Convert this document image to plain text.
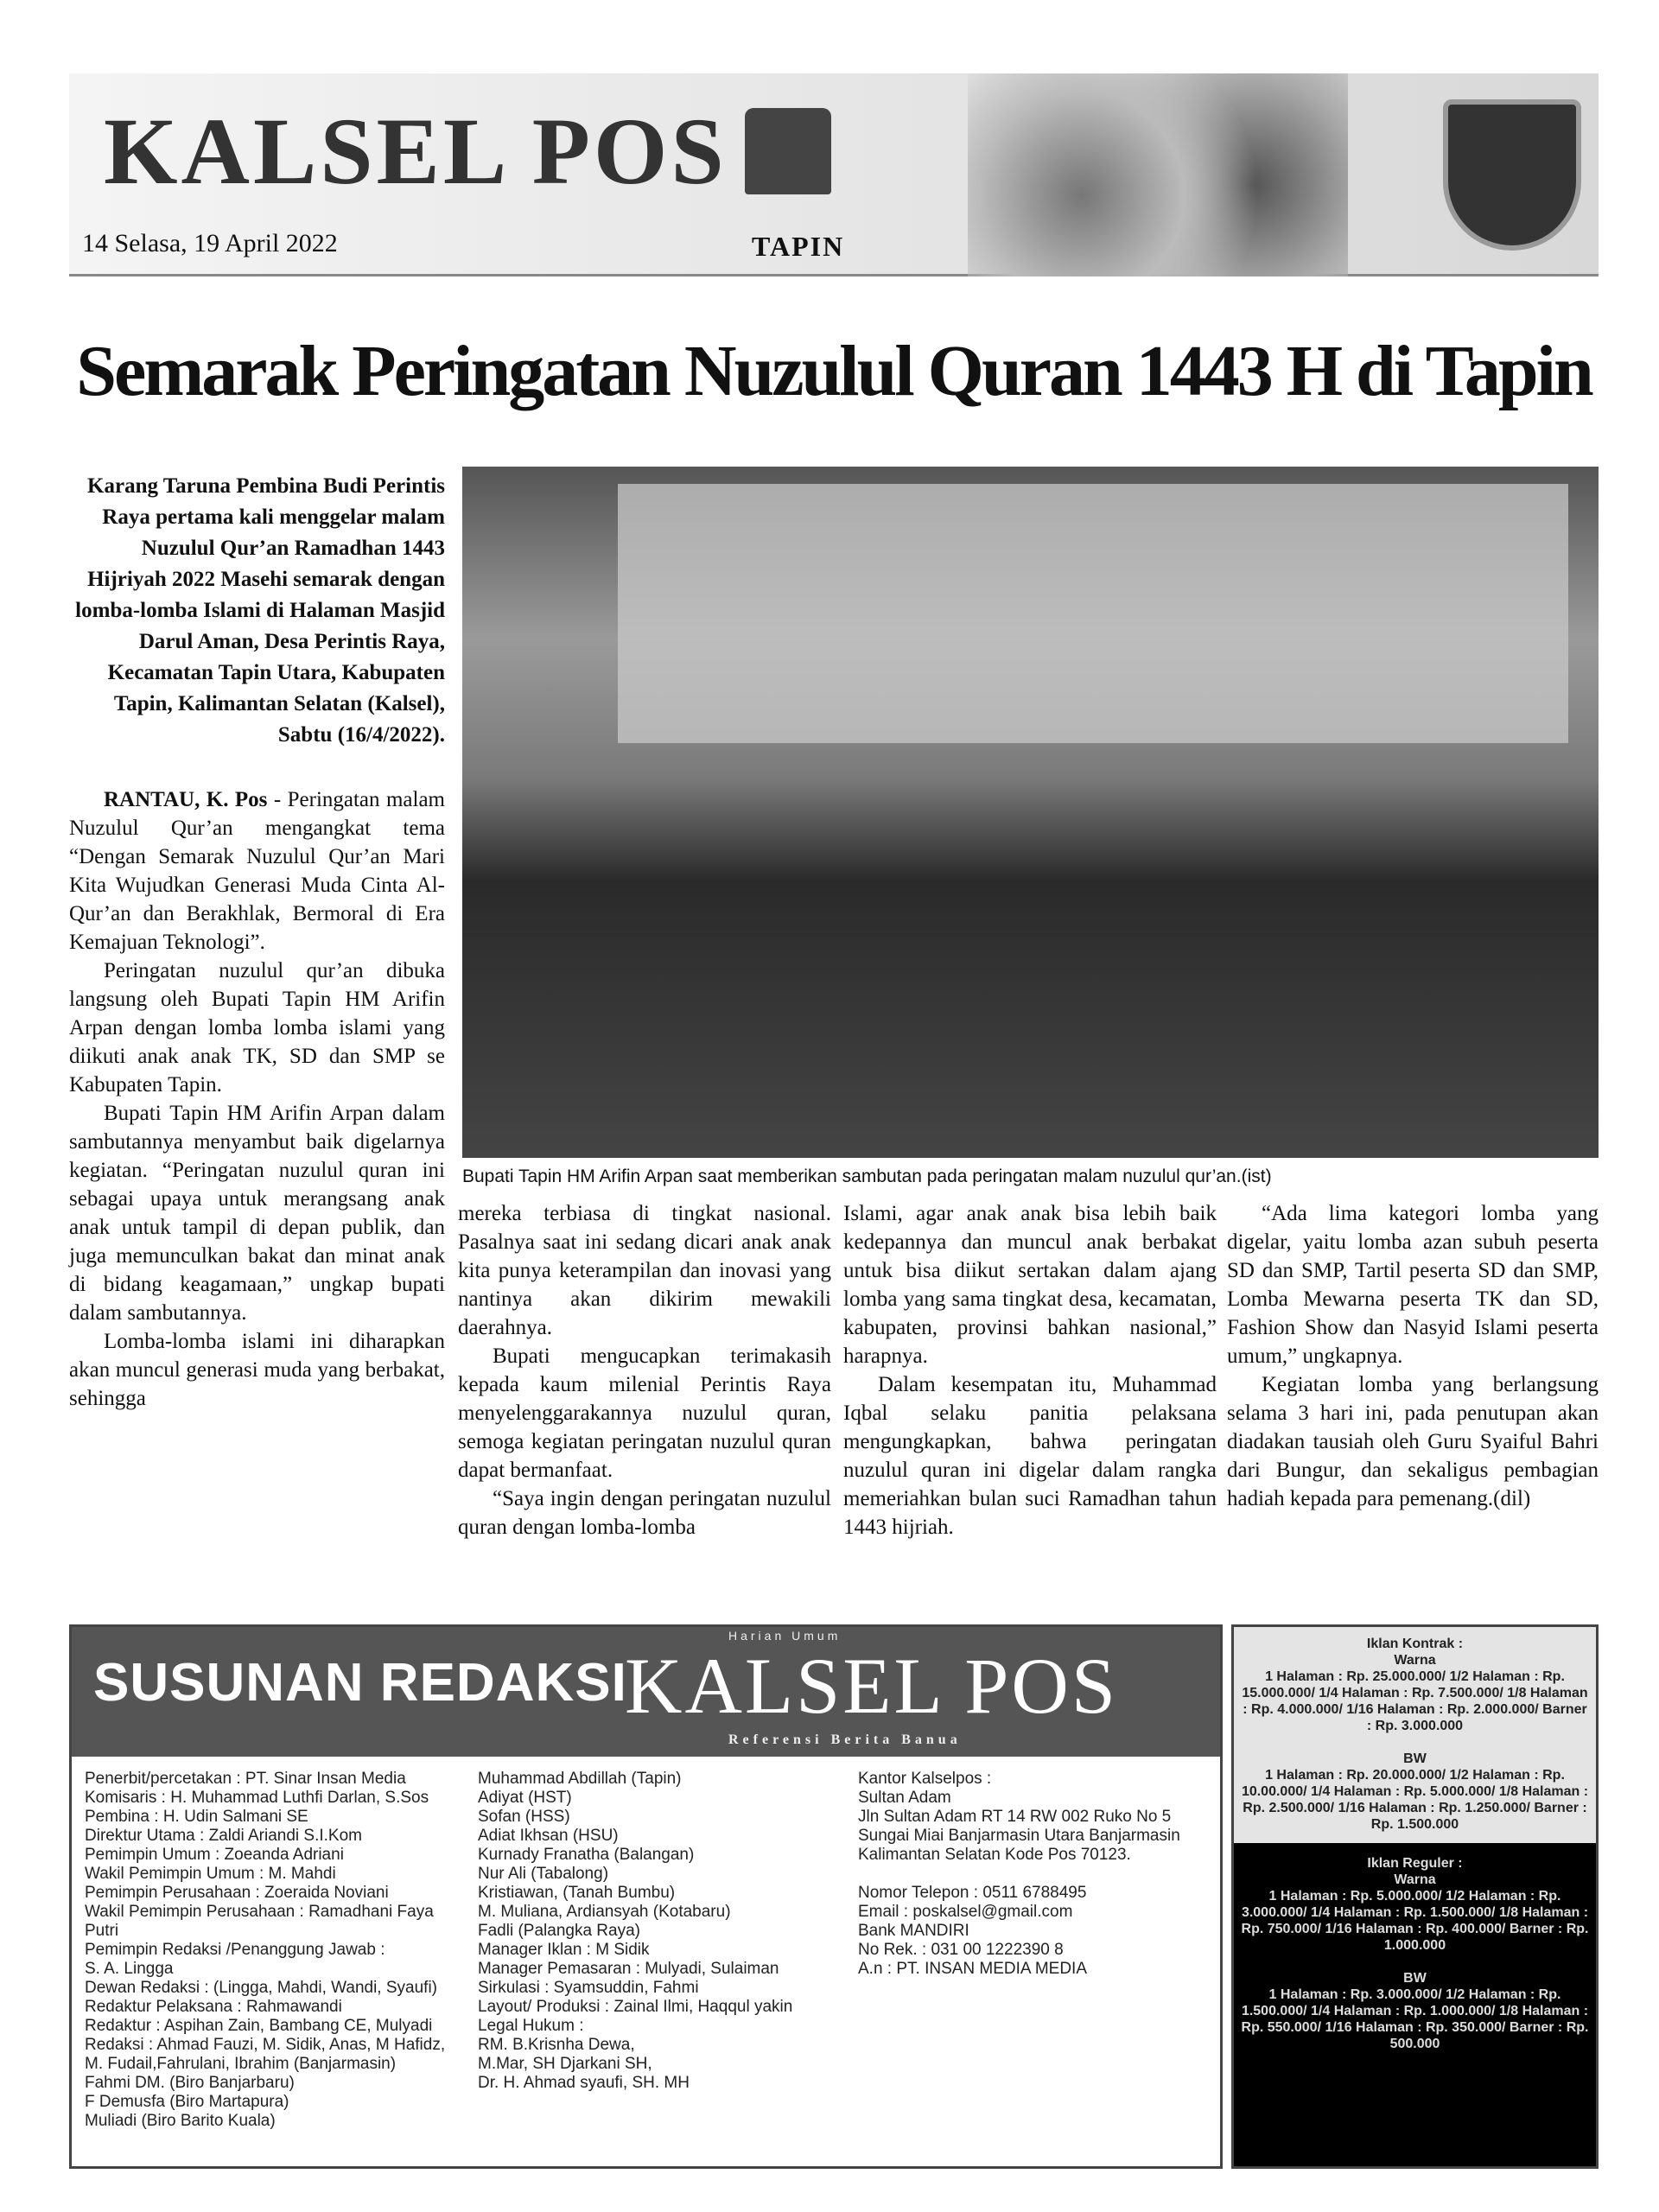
KALSEL POS
14 Selasa, 19 April 2022	TAPIN
Semarak Peringatan Nuzulul Quran 1443 H di Tapin
Karang Taruna Pembina Budi Perintis Raya pertama kali menggelar malam Nuzulul Qur’an Ramadhan 1443 Hijriyah 2022 Masehi semarak dengan lomba-lomba Islami di Halaman Masjid Darul Aman, Desa Perintis Raya, Kecamatan Tapin Utara, Kabupaten Tapin, Kalimantan Selatan (Kalsel), Sabtu (16/4/2022).

RANTAU, K. Pos - Peringatan malam Nuzulul Qur’an mengangkat tema “Dengan Semarak Nuzulul Qur’an Mari Kita Wujudkan Generasi Muda Cinta Al-Qur’an dan Berakhlak, Bermoral di Era Kemajuan Teknologi”.

Peringatan nuzulul qur’an dibuka langsung oleh Bupati Tapin HM Arifin Arpan dengan lomba lomba islami yang diikuti anak anak TK, SD dan SMP se Kabupaten Tapin.

Bupati Tapin HM Arifin Arpan dalam sambutannya menyambut baik digelarnya kegiatan. “Peringatan nuzulul quran ini sebagai upaya untuk merangsang anak anak untuk tampil di depan publik, dan juga memunculkan bakat dan minat anak di bidang keagamaan,” ungkap bupati dalam sambutannya.

Lomba-lomba islami ini diharapkan akan muncul generasi muda yang berbakat, sehingga

Bupati Tapin HM Arifin Arpan saat memberikan sambutan pada peringatan malam nuzulul qur’an.(ist)

mereka terbiasa di tingkat nasional. Pasalnya saat ini sedang dicari anak anak kita punya keterampilan dan inovasi yang nantinya akan dikirim mewakili daerahnya.

Bupati mengucapkan terimakasih kepada kaum milenial Perintis Raya menyelenggarakannya nuzulul quran, semoga kegiatan peringatan nuzulul quran dapat bermanfaat.

“Saya ingin dengan peringatan nuzulul quran dengan lomba-lomba

Islami, agar anak anak bisa lebih baik kedepannya dan muncul anak berbakat untuk bisa diikut sertakan dalam ajang lomba yang sama tingkat desa, kecamatan, kabupaten, provinsi bahkan nasional,” harapnya.

Dalam kesempatan itu, Muhammad Iqbal selaku panitia pelaksana mengungkapkan, bahwa peringatan nuzulul quran ini digelar dalam rangka memeriahkan bulan suci Ramadhan tahun 1443 hijriah.

“Ada lima kategori lomba yang digelar, yaitu lomba azan subuh peserta SD dan SMP, Tartil peserta SD dan SMP, Lomba Mewarna peserta TK dan SD, Fashion Show dan Nasyid Islami peserta umum,” ungkapnya.

Kegiatan lomba yang berlangsung selama 3 hari ini, pada penutupan akan diadakan tausiah oleh Guru Syaiful Bahri dari Bungur, dan sekaligus pembagian hadiah kepada para pemenang.(dil)

SUSUNAN REDAKSI
Harian Umum
KALSEL POS
Referensi Berita Banua
Penerbit/percetakan : PT. Sinar Insan Media
Komisaris : H. Muhammad Luthfi Darlan, S.Sos
Pembina : H. Udin Salmani SE
Direktur Utama : Zaldi Ariandi S.I.Kom
Pemimpin Umum : Zoeanda Adriani
Wakil Pemimpin Umum : M. Mahdi
Pemimpin Perusahaan : Zoeraida Noviani
Wakil Pemimpin Perusahaan : Ramadhani Faya Putri
Pemimpin Redaksi /Penanggung Jawab :
S. A. Lingga
Dewan Redaksi : (Lingga, Mahdi, Wandi, Syaufi)
Redaktur Pelaksana : Rahmawandi
Redaktur : Aspihan Zain, Bambang CE, Mulyadi
Redaksi : Ahmad Fauzi, M. Sidik, Anas, M Hafidz,
M. Fudail,Fahrulani, Ibrahim (Banjarmasin)
Fahmi DM. (Biro Banjarbaru)
F Demusfa (Biro Martapura)
Muliadi (Biro Barito Kuala)
Muhammad Abdillah (Tapin)
Adiyat (HST)
Sofan (HSS)
Adiat Ikhsan (HSU)
Kurnady Franatha (Balangan)
Nur Ali (Tabalong)
Kristiawan, (Tanah Bumbu)
M. Muliana, Ardiansyah (Kotabaru)
Fadli (Palangka Raya)
Manager Iklan : M Sidik
Manager Pemasaran : Mulyadi, Sulaiman
Sirkulasi : Syamsuddin, Fahmi
Layout/ Produksi : Zainal Ilmi, Haqqul yakin
Legal Hukum :
RM. B.Krisnha Dewa,
M.Mar, SH Djarkani SH,
Dr. H. Ahmad syaufi, SH. MH
Kantor Kalselpos :
Sultan Adam
Jln Sultan Adam RT 14 RW 002 Ruko No 5
Sungai Miai Banjarmasin Utara Banjarmasin
Kalimantan Selatan Kode Pos 70123.
Nomor Telepon : 0511 6788495
Email : poskalsel@gmail.com
Bank MANDIRI
No Rek. : 031 00 1222390 8
A.n : PT. INSAN MEDIA MEDIA
Iklan Kontrak :
Warna
1 Halaman : Rp. 25.000.000/ 1/2 Halaman : Rp. 15.000.000/ 1/4 Halaman : Rp. 7.500.000/ 1/8 Halaman : Rp. 4.000.000/ 1/16 Halaman : Rp. 2.000.000/ Barner : Rp. 3.000.000
BW
1 Halaman : Rp. 20.000.000/ 1/2 Halaman : Rp. 10.00.000/ 1/4 Halaman : Rp. 5.000.000/ 1/8 Halaman : Rp. 2.500.000/ 1/16 Halaman : Rp. 1.250.000/ Barner : Rp. 1.500.000
Iklan Reguler :
Warna
1 Halaman : Rp. 5.000.000/ 1/2 Halaman : Rp. 3.000.000/ 1/4 Halaman : Rp. 1.500.000/ 1/8 Halaman : Rp. 750.000/ 1/16 Halaman : Rp. 400.000/ Barner : Rp. 1.000.000
BW
1 Halaman : Rp. 3.000.000/ 1/2 Halaman : Rp. 1.500.000/ 1/4 Halaman : Rp. 1.000.000/ 1/8 Halaman : Rp. 550.000/ 1/16 Halaman : Rp. 350.000/ Barner : Rp. 500.000
